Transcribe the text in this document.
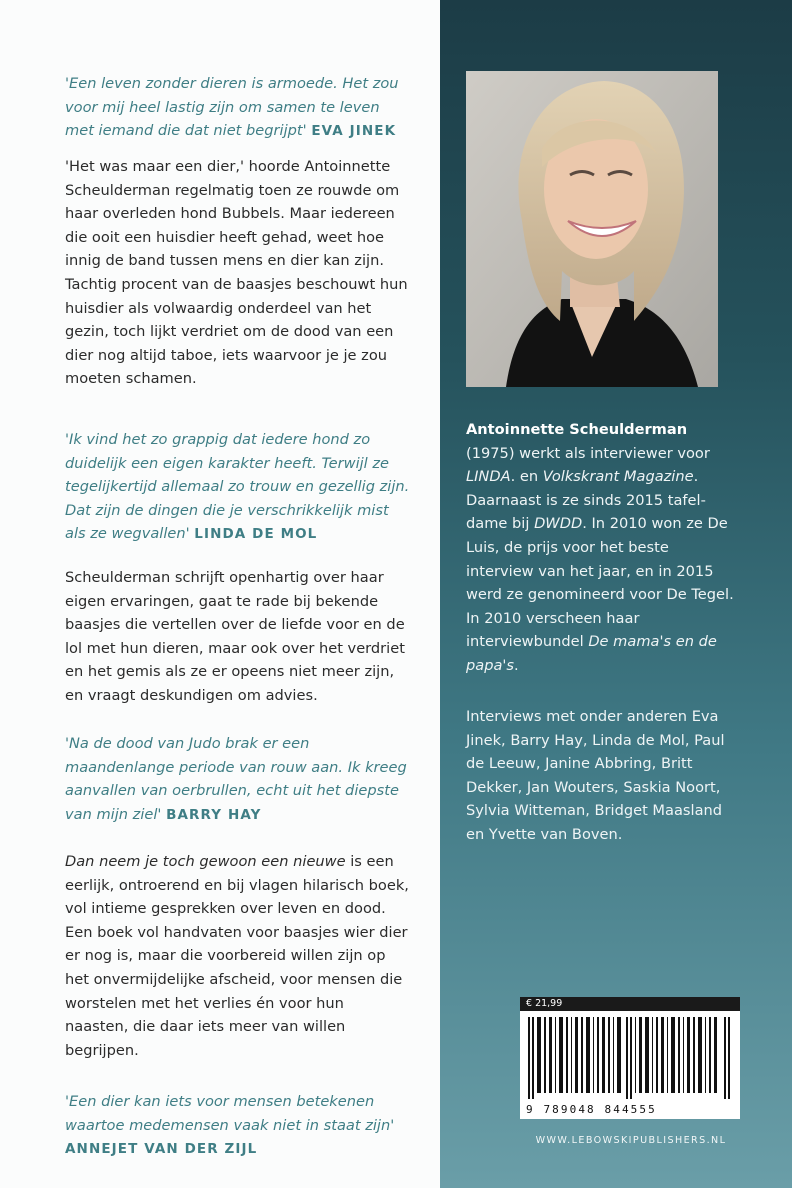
'Een leven zonder dieren is armoede. Het zou voor mij heel lastig zijn om samen te leven met iemand die dat niet begrijpt' EVA JINEK
'Het was maar een dier,' hoorde Antoinnette Scheulderman regelmatig toen ze rouwde om haar overleden hond Bubbels. Maar iedereen die ooit een huisdier heeft gehad, weet hoe innig de band tussen mens en dier kan zijn. Tachtig procent van de baasjes beschouwt hun huisdier als volwaardig onderdeel van het gezin, toch lijkt verdriet om de dood van een dier nog altijd taboe, iets waarvoor je je zou moeten schamen.
'Ik vind het zo grappig dat iedere hond zo duidelijk een eigen karakter heeft. Terwijl ze tegelijkertijd allemaal zo trouw en gezellig zijn. Dat zijn de dingen die je verschrikkelijk mist als ze wegvallen' LINDA DE MOL
Scheulderman schrijft openhartig over haar eigen ervaringen, gaat te rade bij bekende baasjes die vertellen over de liefde voor en de lol met hun dieren, maar ook over het verdriet en het gemis als ze er opeens niet meer zijn, en vraagt deskundigen om advies.
'Na de dood van Judo brak er een maandenlange periode van rouw aan. Ik kreeg aanvallen van oerbrullen, echt uit het diepste van mijn ziel' BARRY HAY
Dan neem je toch gewoon een nieuwe is een eerlijk, ontroerend en bij vlagen hilarisch boek, vol intieme gesprekken over leven en dood. Een boek vol handvaten voor baasjes wier dier er nog is, maar die voorbereid willen zijn op het onvermijdelijke afscheid, voor mensen die worstelen met het verlies én voor hun naasten, die daar iets meer van willen begrijpen.
'Een dier kan iets voor mensen betekenen waartoe medemensen vaak niet in staat zijn'
ANNEJET VAN DER ZIJL
Antoinnette Scheulderman (1975) werkt als interviewer voor LINDA. en Volkskrant Magazine. Daarnaast is ze sinds 2015 tafel-dame bij DWDD. In 2010 won ze De Luis, de prijs voor het beste interview van het jaar, en in 2015 werd ze genomineerd voor De Tegel. In 2010 verscheen haar interviewbundel De mama's en de papa's.
Interviews met onder anderen Eva Jinek, Barry Hay, Linda de Mol, Paul de Leeuw, Janine Abbring, Britt Dekker, Jan Wouters, Saskia Noort, Sylvia Witteman, Bridget Maasland en Yvette van Boven.
€ 21,99
9 789048 844555
WWW.LEBOWSKIPUBLISHERS.NL
